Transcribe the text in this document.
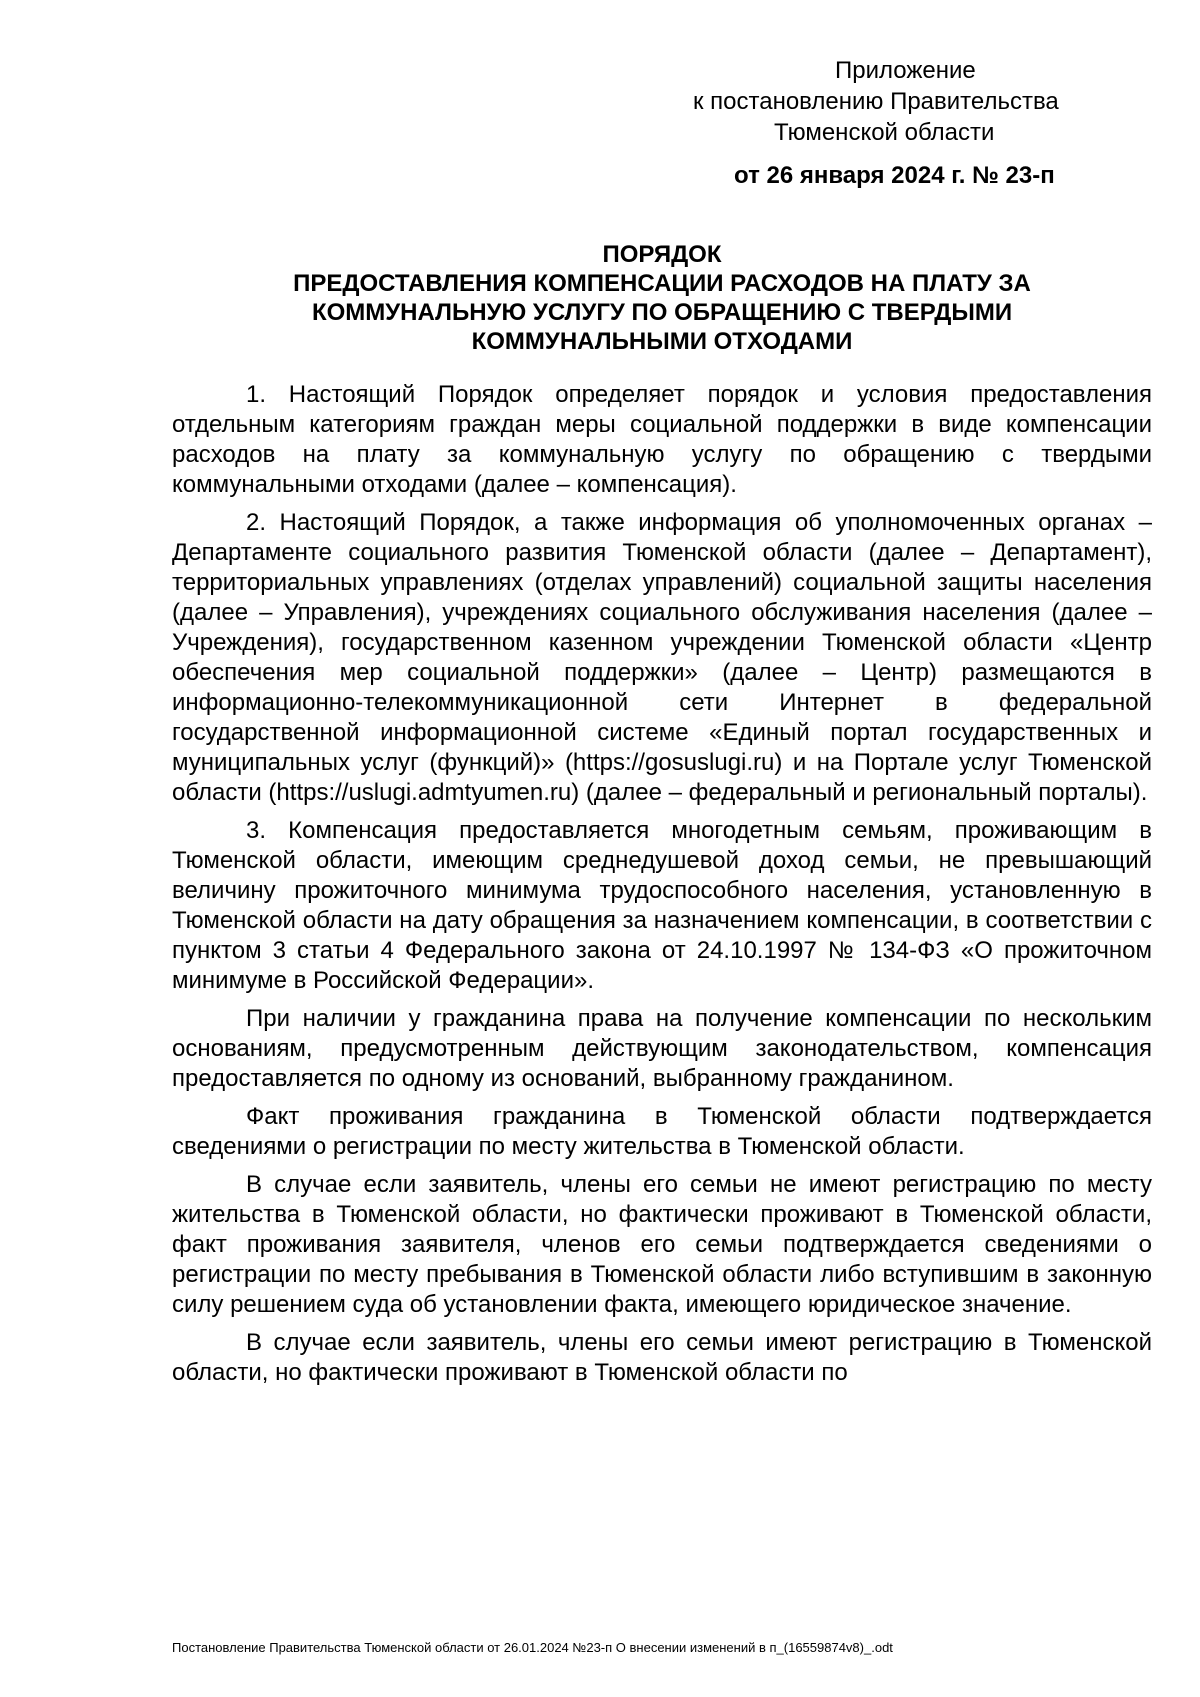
Приложение
к постановлению Правительства
Тюменской области
от 26 января 2024 г. № 23-п
ПОРЯДОК
ПРЕДОСТАВЛЕНИЯ КОМПЕНСАЦИИ РАСХОДОВ НА ПЛАТУ ЗА
КОММУНАЛЬНУЮ УСЛУГУ ПО ОБРАЩЕНИЮ С ТВЕРДЫМИ
КОММУНАЛЬНЫМИ ОТХОДАМИ

1. Настоящий Порядок определяет порядок и условия предоставления отдельным категориям граждан меры социальной поддержки в виде компенсации расходов на плату за коммунальную услугу по обращению с твердыми коммунальными отходами (далее – компенсация).

2. Настоящий Порядок, а также информация об уполномоченных органах – Департаменте социального развития Тюменской области (далее – Департамент), территориальных управлениях (отделах управлений) социальной защиты населения (далее – Управления), учреждениях социального обслуживания населения (далее – Учреждения), государственном казенном учреждении Тюменской области «Центр обеспечения мер социальной поддержки» (далее – Центр) размещаются в информационно-телекоммуникационной сети Интернет в федеральной государственной информационной системе «Единый портал государственных и муниципальных услуг (функций)» (https://gosuslugi.ru) и на Портале услуг Тюменской области (https://uslugi.admtyumen.ru) (далее – федеральный и региональный порталы).

3. Компенсация предоставляется многодетным семьям, проживающим в Тюменской области, имеющим среднедушевой доход семьи, не превышающий величину прожиточного минимума трудоспособного населения, установленную в Тюменской области на дату обращения за назначением компенсации, в соответствии с пунктом 3 статьи 4 Федерального закона от 24.10.1997 № 134-ФЗ «О прожиточном минимуме в Российской Федерации».

При наличии у гражданина права на получение компенсации по нескольким основаниям, предусмотренным действующим законодательством, компенсация предоставляется по одному из оснований, выбранному гражданином.

Факт проживания гражданина в Тюменской области подтверждается сведениями о регистрации по месту жительства в Тюменской области.

В случае если заявитель, члены его семьи не имеют регистрацию по месту жительства в Тюменской области, но фактически проживают в Тюменской области, факт проживания заявителя, членов его семьи подтверждается сведениями о регистрации по месту пребывания в Тюменской области либо вступившим в законную силу решением суда об установлении факта, имеющего юридическое значение.

В случае если заявитель, члены его семьи имеют регистрацию в Тюменской области, но фактически проживают в Тюменской области по

Постановление Правительства Тюменской области от 26.01.2024 №23-п О внесении изменений в п_(16559874v8)_.odt
